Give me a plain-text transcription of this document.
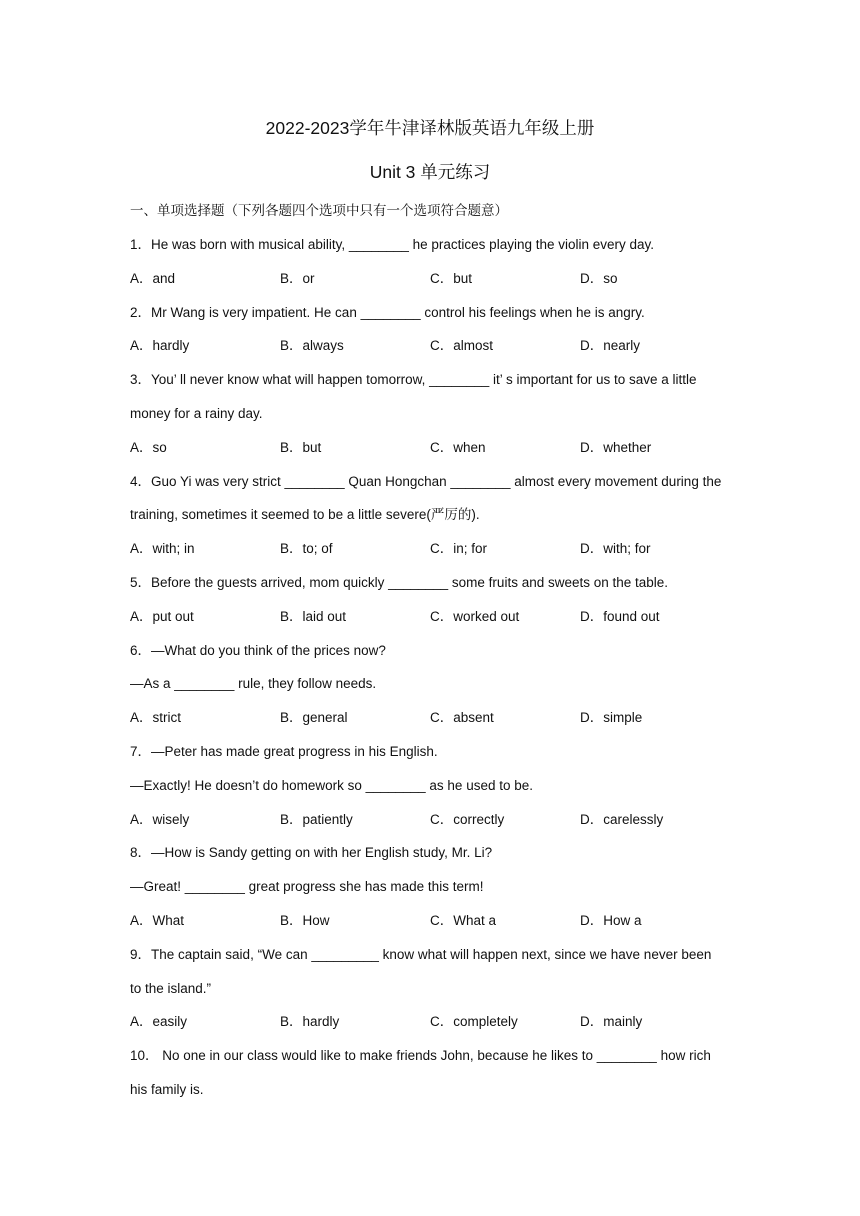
2022-2023学年牛津译林版英语九年级上册
Unit 3 单元练习
一、单项选择题（下列各题四个选项中只有一个选项符合题意）
1．He was born with musical ability, ________ he practices playing the violin every day.
A．and	B．or	C．but	D．so
2．Mr Wang is very impatient. He can ________ control his feelings when he is angry.
A．hardly	B．always	C．almost	D．nearly
3．You’ ll never know what will happen tomorrow, ________ it’ s important for us to save a little
money for a rainy day.
A．so	B．but	C．when	D．whether
4．Guo Yi was very strict ________ Quan Hongchan ________ almost every movement during the
training, sometimes it seemed to be a little severe(严厉的).
A．with; in	B．to; of	C．in; for	D．with; for
5．Before the guests arrived, mom quickly ________ some fruits and sweets on the table.
A．put out	B．laid out	C．worked out	D．found out
6．—What do you think of the prices now?
—As a ________ rule, they follow needs.
A．strict	B．general	C．absent	D．simple
7．—Peter has made great progress in his English.
—Exactly! He doesn’t do homework so ________ as he used to be.
A．wisely	B．patiently	C．correctly	D．carelessly
8．—How is Sandy getting on with her English study, Mr. Li?
—Great! ________ great progress she has made this term!
A．What	B．How	C．What a	D．How a
9．The captain said, “We can _________ know what will happen next, since we have never been
to the island.”
A．easily	B．hardly	C．completely	D．mainly
10． No one in our class would like to make friends John, because he likes to ________ how rich
his family is.
